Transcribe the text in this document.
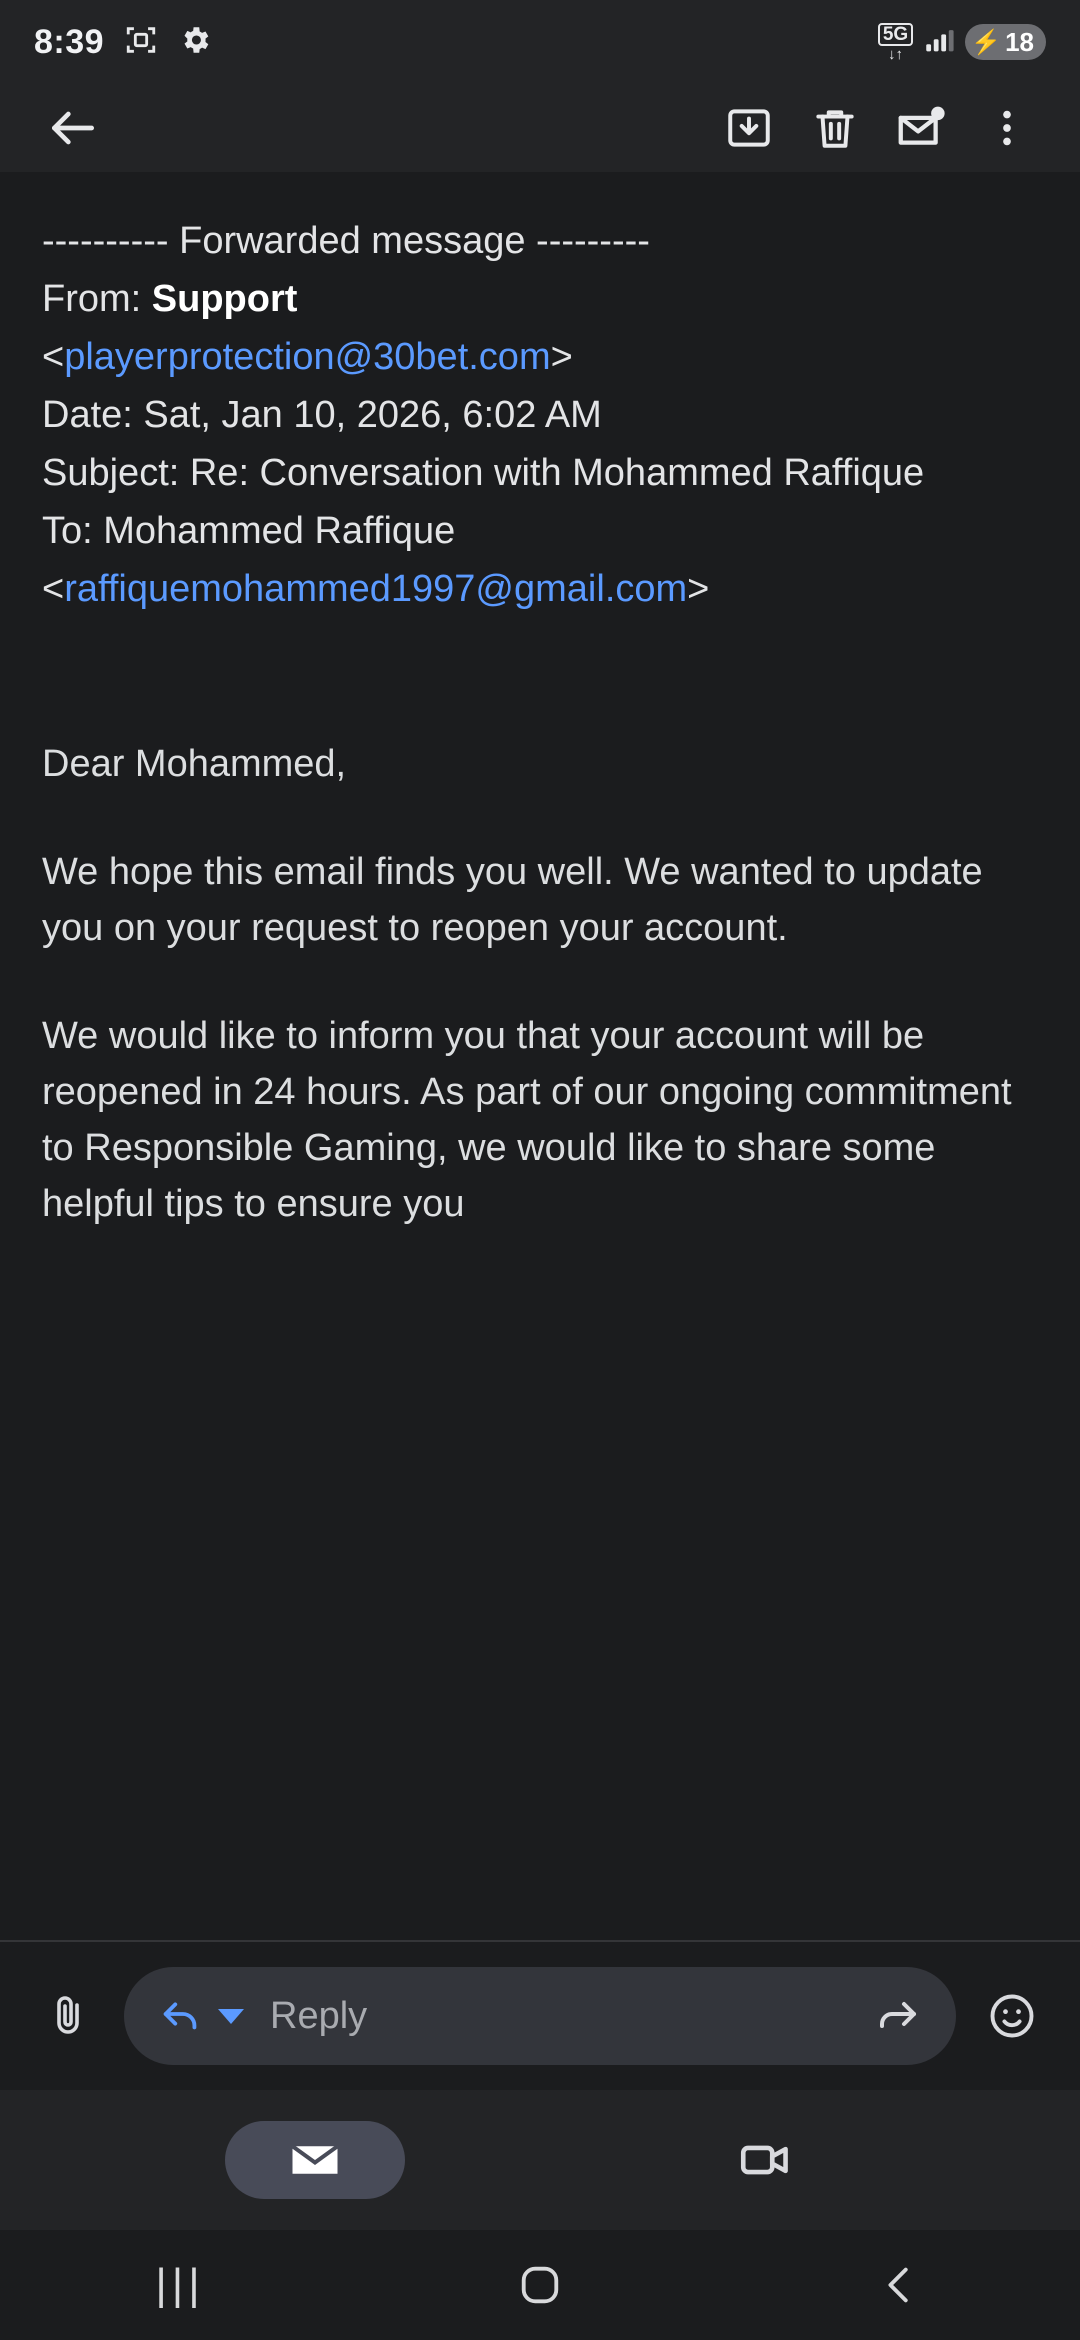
8:39	5G
↓↑	⚡ 18
---------- Forwarded message ---------
From: Support
<playerprotection@30bet.com>
Date: Sat, Jan 10, 2026, 6:02 AM
Subject: Re: Conversation with Mohammed Raffique
To: Mohammed Raffique
<raffiquemohammed1997@gmail.com>
Dear Mohammed,
We hope this email finds you well. We wanted to update you on your request to reopen your account.
We would like to inform you that your account will be reopened in 24 hours. As part of our ongoing commitment to Responsible Gaming, we would like to share some helpful tips to ensure you
Reply
|||
